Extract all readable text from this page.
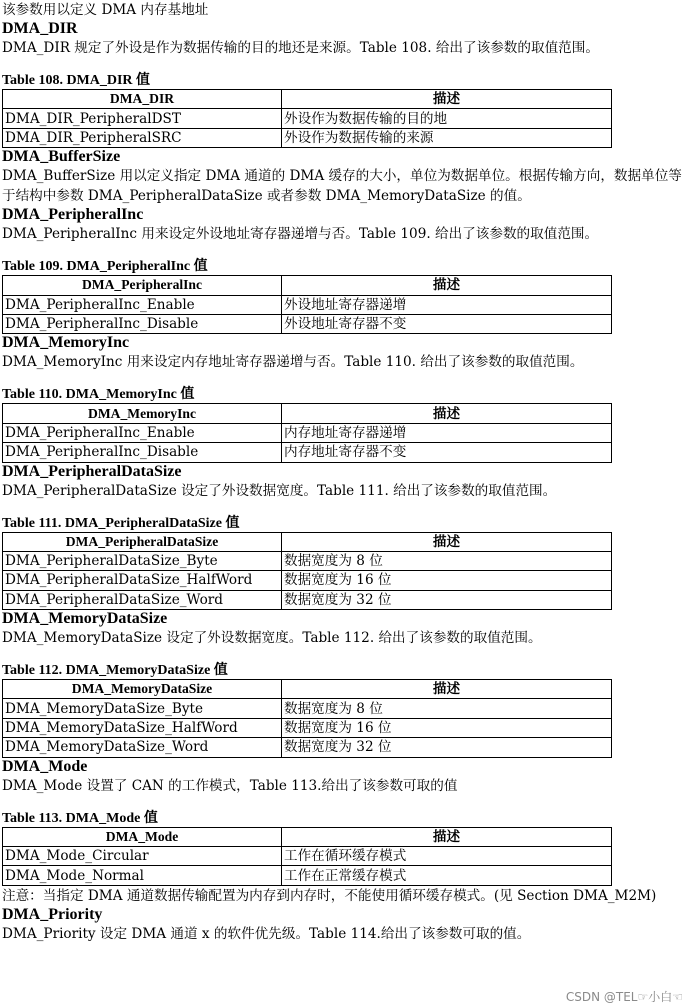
该参数用以定义 DMA 内存基地址

DMA_DIR

DMA_DIR 规定了外设是作为数据传输的目的地还是来源。Table 108. 给出了该参数的取值范围。

Table 108. DMA_DIR 值

DMA_DIR	描述
DMA_DIR_PeripheralDST	外设作为数据传输的目的地
DMA_DIR_PeripheralSRC	外设作为数据传输的来源
DMA_BufferSize

DMA_BufferSize 用以定义指定 DMA 通道的 DMA 缓存的大小，单位为数据单位。根据传输方向，数据单位等于结构中参数 DMA_PeripheralDataSize 或者参数 DMA_MemoryDataSize 的值。

DMA_PeripheralInc

DMA_PeripheralInc 用来设定外设地址寄存器递增与否。Table 109. 给出了该参数的取值范围。

Table 109. DMA_PeripheralInc 值

DMA_PeripheralInc	描述
DMA_PeripheralInc_Enable	外设地址寄存器递增
DMA_PeripheralInc_Disable	外设地址寄存器不变
DMA_MemoryInc

DMA_MemoryInc 用来设定内存地址寄存器递增与否。Table 110. 给出了该参数的取值范围。

Table 110. DMA_MemoryInc 值

DMA_MemoryInc	描述
DMA_PeripheralInc_Enable	内存地址寄存器递增
DMA_PeripheralInc_Disable	内存地址寄存器不变
DMA_PeripheralDataSize

DMA_PeripheralDataSize 设定了外设数据宽度。Table 111. 给出了该参数的取值范围。

Table 111. DMA_PeripheralDataSize 值

DMA_PeripheralDataSize	描述
DMA_PeripheralDataSize_Byte	数据宽度为 8 位
DMA_PeripheralDataSize_HalfWord	数据宽度为 16 位
DMA_PeripheralDataSize_Word	数据宽度为 32 位
DMA_MemoryDataSize

DMA_MemoryDataSize 设定了外设数据宽度。Table 112. 给出了该参数的取值范围。

Table 112. DMA_MemoryDataSize 值

DMA_MemoryDataSize	描述
DMA_MemoryDataSize_Byte	数据宽度为 8 位
DMA_MemoryDataSize_HalfWord	数据宽度为 16 位
DMA_MemoryDataSize_Word	数据宽度为 32 位
DMA_Mode

DMA_Mode 设置了 CAN 的工作模式，Table 113.给出了该参数可取的值

Table 113. DMA_Mode 值

DMA_Mode	描述
DMA_Mode_Circular	工作在循环缓存模式
DMA_Mode_Normal	工作在正常缓存模式

注意：当指定 DMA 通道数据传输配置为内存到内存时，不能使用循环缓存模式。(见 Section DMA_M2M)

DMA_Priority

DMA_Priority 设定 DMA 通道 x 的软件优先级。Table 114.给出了该参数可取的值。

CSDN @TEL☞小白☜
